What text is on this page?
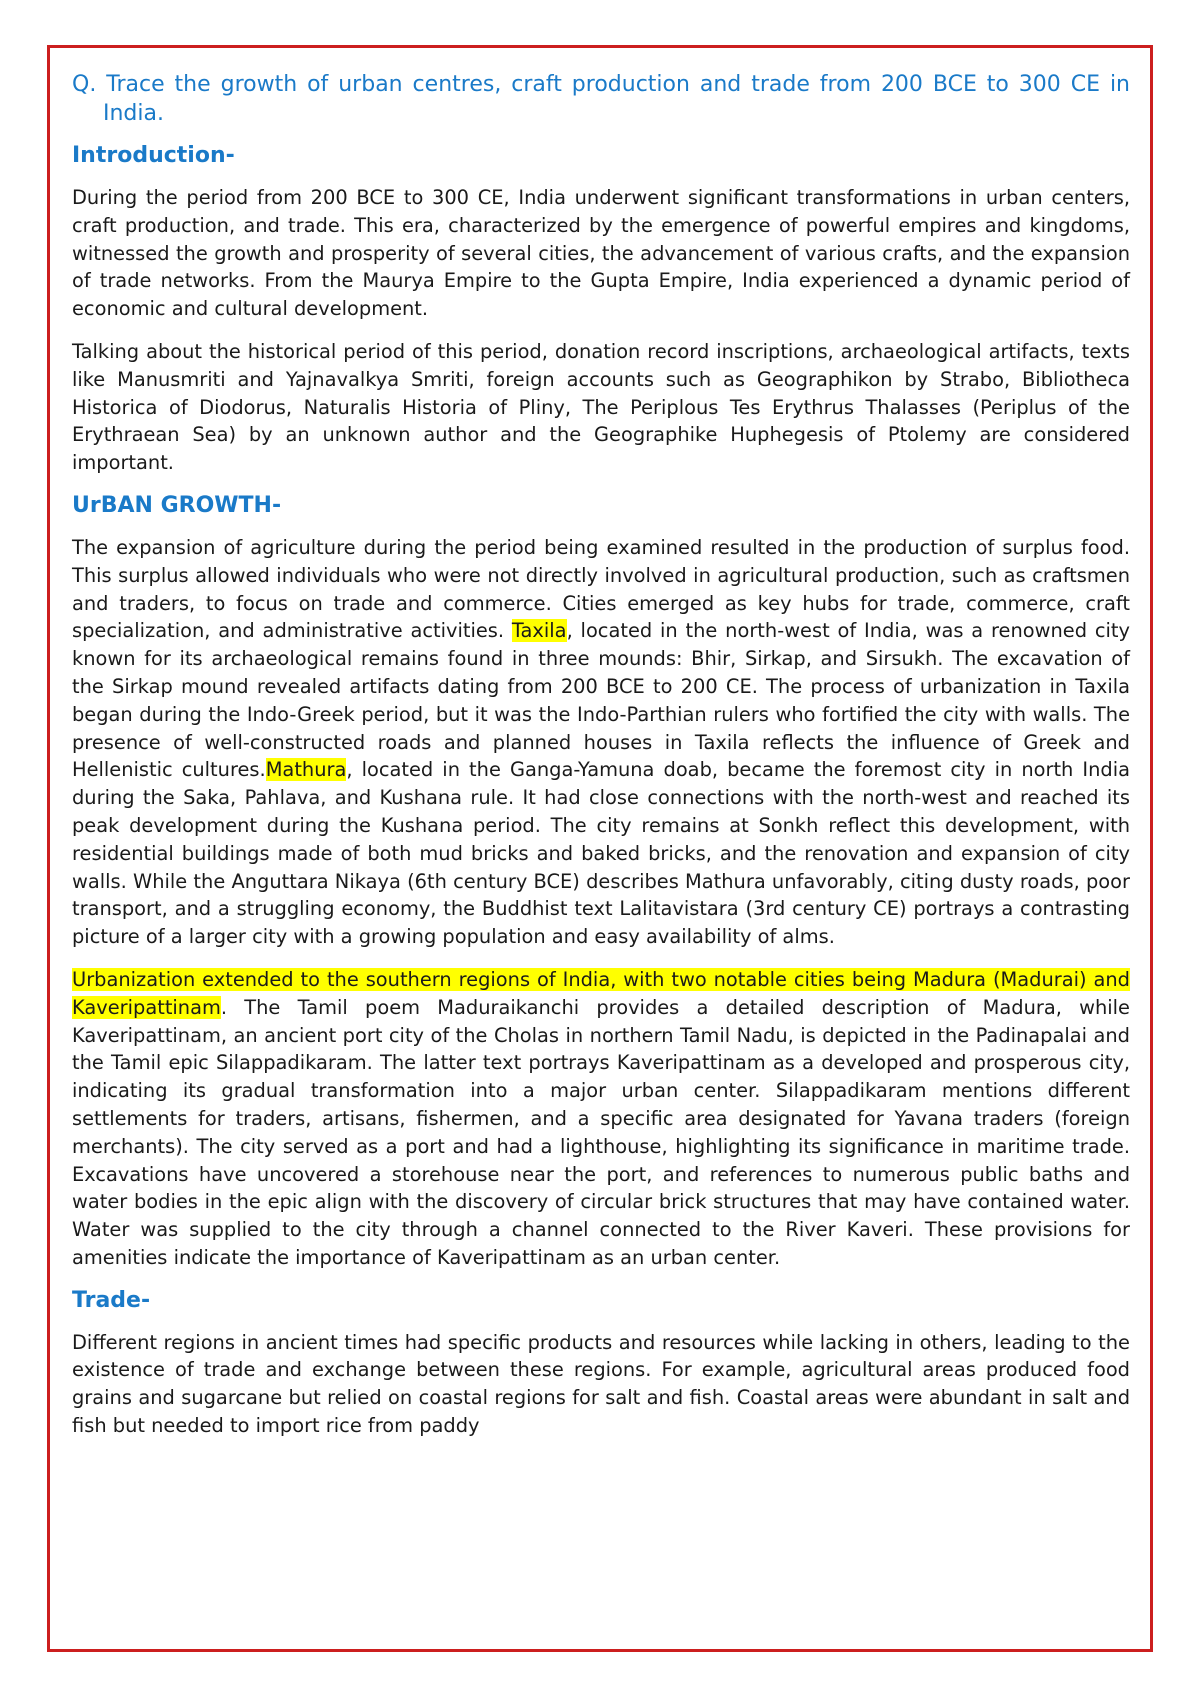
Q. Trace the growth of urban centres, craft production and trade from 200 BCE to 300 CE in India.

Introduction-

During the period from 200 BCE to 300 CE, India underwent significant transformations in urban centers, craft production, and trade. This era, characterized by the emergence of powerful empires and kingdoms, witnessed the growth and prosperity of several cities, the advancement of various crafts, and the expansion of trade networks. From the Maurya Empire to the Gupta Empire, India experienced a dynamic period of economic and cultural development.

Talking about the historical period of this period, donation record inscriptions, archaeological artifacts, texts like Manusmriti and Yajnavalkya Smriti, foreign accounts such as Geographikon by Strabo, Bibliotheca Historica of Diodorus, Naturalis Historia of Pliny, The Periplous Tes Erythrus Thalasses (Periplus of the Erythraean Sea) by an unknown author and the Geographike Huphegesis of Ptolemy are considered important.

UrBAN GROWTH-

The expansion of agriculture during the period being examined resulted in the production of surplus food. This surplus allowed individuals who were not directly involved in agricultural production, such as craftsmen and traders, to focus on trade and commerce. Cities emerged as key hubs for trade, commerce, craft specialization, and administrative activities. Taxila, located in the north-west of India, was a renowned city known for its archaeological remains found in three mounds: Bhir, Sirkap, and Sirsukh. The excavation of the Sirkap mound revealed artifacts dating from 200 BCE to 200 CE. The process of urbanization in Taxila began during the Indo-Greek period, but it was the Indo-Parthian rulers who fortified the city with walls. The presence of well-constructed roads and planned houses in Taxila reflects the influence of Greek and Hellenistic cultures.Mathura, located in the Ganga-Yamuna doab, became the foremost city in north India during the Saka, Pahlava, and Kushana rule. It had close connections with the north-west and reached its peak development during the Kushana period. The city remains at Sonkh reflect this development, with residential buildings made of both mud bricks and baked bricks, and the renovation and expansion of city walls. While the Anguttara Nikaya (6th century BCE) describes Mathura unfavorably, citing dusty roads, poor transport, and a struggling economy, the Buddhist text Lalitavistara (3rd century CE) portrays a contrasting picture of a larger city with a growing population and easy availability of alms.

Urbanization extended to the southern regions of India, with two notable cities being Madura (Madurai) and Kaveripattinam. The Tamil poem Maduraikanchi provides a detailed description of Madura, while Kaveripattinam, an ancient port city of the Cholas in northern Tamil Nadu, is depicted in the Padinapalai and the Tamil epic Silappadikaram. The latter text portrays Kaveripattinam as a developed and prosperous city, indicating its gradual transformation into a major urban center. Silappadikaram mentions different settlements for traders, artisans, fishermen, and a specific area designated for Yavana traders (foreign merchants). The city served as a port and had a lighthouse, highlighting its significance in maritime trade. Excavations have uncovered a storehouse near the port, and references to numerous public baths and water bodies in the epic align with the discovery of circular brick structures that may have contained water. Water was supplied to the city through a channel connected to the River Kaveri. These provisions for amenities indicate the importance of Kaveripattinam as an urban center.

Trade-

Different regions in ancient times had specific products and resources while lacking in others, leading to the existence of trade and exchange between these regions. For example, agricultural areas produced food grains and sugarcane but relied on coastal regions for salt and fish. Coastal areas were abundant in salt and fish but needed to import rice from paddy
